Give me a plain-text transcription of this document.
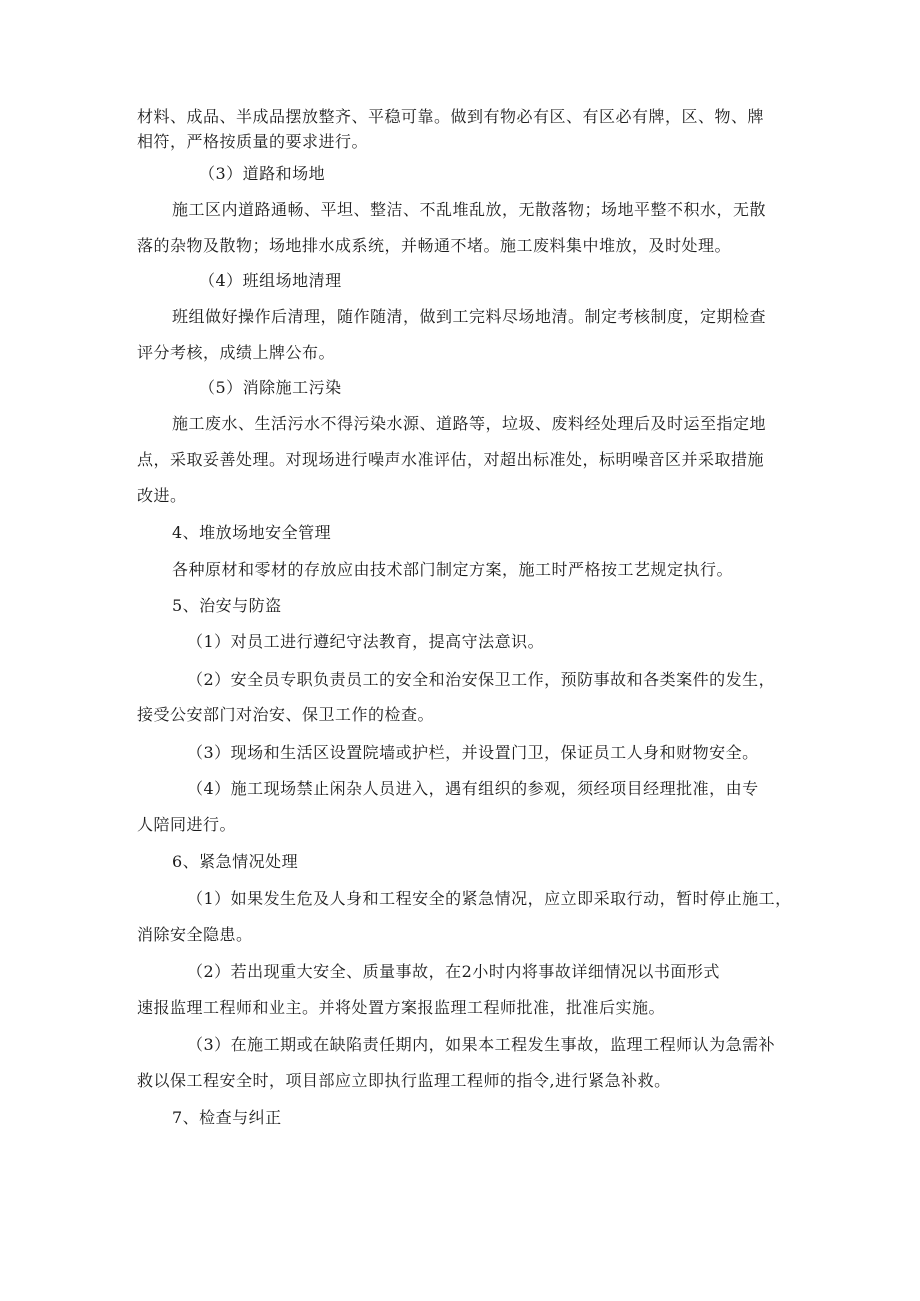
材料、成品、半成品摆放整齐、平稳可靠。做到有物必有区、有区必有牌，区、物、牌
相符，严格按质量的要求进行。
（3）道路和场地
施工区内道路通畅、平坦、整洁、不乱堆乱放，无散落物；场地平整不积水，无散
落的杂物及散物；场地排水成系统，并畅通不堵。施工废料集中堆放，及时处理。
（4）班组场地清理
班组做好操作后清理，随作随清，做到工完料尽场地清。制定考核制度，定期检查
评分考核，成绩上牌公布。
（5）消除施工污染
施工废水、生活污水不得污染水源、道路等，垃圾、废料经处理后及时运至指定地
点，采取妥善处理。对现场进行噪声水准评估，对超出标准处，标明噪音区并采取措施
改进。
4、堆放场地安全管理
各种原材和零材的存放应由技术部门制定方案，施工时严格按工艺规定执行。
5、治安与防盗
（1）对员工进行遵纪守法教育，提高守法意识。
（2）安全员专职负责员工的安全和治安保卫工作，预防事故和各类案件的发生，
接受公安部门对治安、保卫工作的检查。
（3）现场和生活区设置院墙或护栏，并设置门卫，保证员工人身和财物安全。
（4）施工现场禁止闲杂人员进入，遇有组织的参观，须经项目经理批准，由专
人陪同进行。
6、紧急情况处理
（1）如果发生危及人身和工程安全的紧急情况，应立即采取行动，暂时停止施工，
消除安全隐患。
（2）若出现重大安全、质量事故，在2小时内将事故详细情况以书面形式
速报监理工程师和业主。并将处置方案报监理工程师批准，批准后实施。
（3）在施工期或在缺陷责任期内，如果本工程发生事故，监理工程师认为急需补
救以保工程安全时，项目部应立即执行监理工程师的指令,进行紧急补救。
7、检查与纠正
